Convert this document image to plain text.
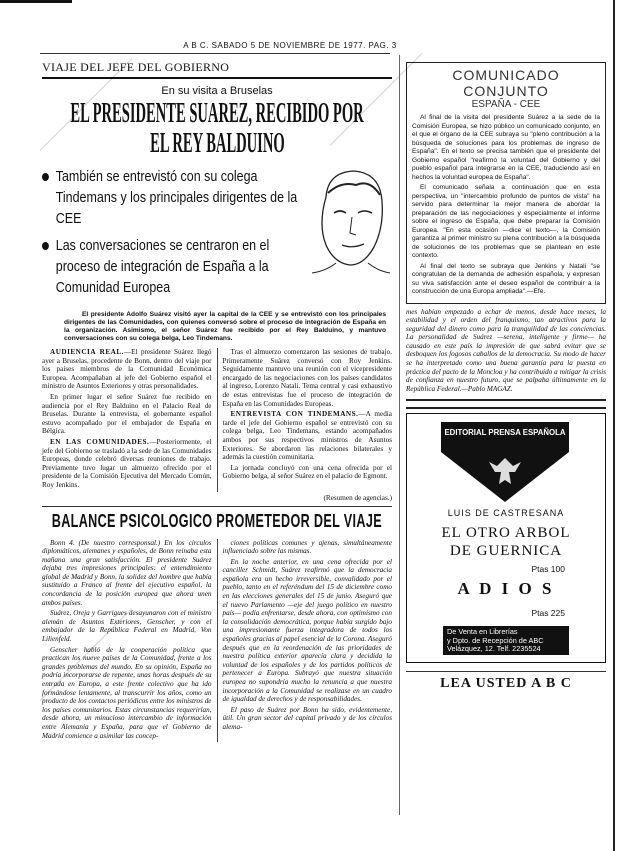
A B C. SABADO 5 DE NOVIEMBRE DE 1977. PAG. 3
VIAJE DEL JEFE DEL GOBIERNO
En su visita a Bruselas
EL PRESIDENTE SUAREZ, RECIBIDO POR
EL REY BALDUINO
También se entrevistó con su colega Tindemans y los principales dirigentes de la CEE
Las conversaciones se centraron en el proceso de integración de España a la Comunidad Europea
El presidente Adolfo Suárez visitó ayer la capital de la CEE y se entrevistó con los principales dirigentes de las Comunidades, con quienes conversó sobre el proceso de integración de España en la organización. Asimismo, el señor Suárez fue recibido por el Rey Balduino, y mantuvo conversaciones con su colega belga, Leo Tindemans.

AUDIENCIA REAL.—El presidente Suárez llegó ayer a Bruselas, procedente de Bonn, dentro del viaje por los países miembros de la Comunidad Económica Europea. Acompañaban al jefe del Gobierno español el ministro de Asuntos Exteriores y otras personalidades.

En primer lugar el señor Suárez fue recibido en audiencia por el Rey Balduino en el Palacio Real de Bruselas. Durante la entrevista, el gobernante español estuvo acompañado por el embajador de España en Bélgica.

EN LAS COMUNIDADES.—Posteriormente, el jefe del Gobierno se trasladó a la sede de las Comunidades Europeas, donde celebró diversas reuniones de trabajo. Previamente tuvo lugar un almuerzo ofrecido por el presidente de la Comisión Ejecutiva del Mercado Común, Roy Jenkins.

Tras el almuerzo comenzaron las sesiones de trabajo. Primeramente Suárez conversó con Roy Jenkins. Seguidamente mantuvo una reunión con el vicepresidente encargado de las negociaciones con los países candidatos al ingreso, Lorenzo Natali. Tema central y casi exhaustivo de estas entrevistas fue el proceso de integración de España en las Comunidades Europeas.

ENTREVISTA CON TINDEMANS.—A media tarde el jefe del Gobierno español se entrevistó con su colega belga, Leo Tindemans, estando acompañados ambos por sus respectivos ministros de Asuntos Exteriores. Se abordaron las relaciones bilaterales y además la cuestión comunitaria.

La jornada concluyó con una cena ofrecida por el Gobierno belga, al señor Suárez en el palacio de Egmont.

(Resumen de agencias.)
BALANCE PSICOLOGICO PROMETEDOR DEL VIAJE

Bonn 4. (De nuestro corresponsal.) En los círculos diplomáticos, alemanes y españoles, de Bonn reinaba esta mañana una gran satisfacción. El presidente Suárez dejaba tres impresiones principales: el entendimiento global de Madrid y Bonn, la solidez del hombre que había sustituido a Franco al frente del ejecutivo español, la concordancia de la posición europea que ahora unen ambos países.

Suárez, Oreja y Garrigues desayunaron con el ministro alemán de Asuntos Exteriores, Genscher, y con el embajador de la República Federal en Madrid, Von Lilienfeld.

Genscher habló de la cooperación política que practican los nueve países de la Comunidad, frente a los grandes problemas del mundo. En su opinión, España no podría incorporarse de repente, unas horas después de su entrada en Europa, a este frente colectivo que ha ido formándose lentamente, al transcurrir los años, como un producto de los contactos periódicos entre los ministros de los países comunitarios. Estas circunstancias requerirían, desde ahora, un minucioso intercambio de información entre Alemania y España, para que el Gobierno de Madrid comience a asimilar las concep-

ciones políticas comunes y ajenas, simultáneamente influenciado sobre las mismas.

En la noche anterior, en una cena ofrecida por el canciller Schmidt, Suárez reafirmó que la democracia española era un hecho irreversible, convalidado por el pueblo, tanto en el referéndum del 15 de diciembre como en las elecciones generales del 15 de junio. Aseguró que el nuevo Parlamento —eje del juego político en nuestro país— podía enfrentarse, desde ahora, con optimismo con la consolidación democrática, porque había surgido bajo una impresionante fuerza integradora de todos los españoles gracias al papel esencial de la Corona. Aseguró después que en la reordenación de las prioridades de nuestra política exterior aparecía clara y decidida la voluntad de los españoles y de los partidos políticos de pertenecer a Europa. Subrayó que nuestra situación europea no supondría mucho la renuncia a que nuestra incorporación a la Comunidad se realizase en un cuadro de igualdad de derechos y de responsabilidades.

El paso de Suárez por Bonn ha sido, evidentemente, útil. Un gran sector del capital privado y de los círculos alema-

COMUNICADO CONJUNTO
ESPAÑA - CEE

Al final de la visita del presidente Suárez a la sede de la Comisión Europea, se hizo público un comunicado conjunto, en el que el órgano de la CEE subraya su "pleno contribución a la búsqueda de soluciones para los problemas de ingreso de España". En el texto se precisa también que el presidente del Gobierno español "reafirmó la voluntad del Gobierno y del pueblo español para integrarse en la CEE, traduciendo así en hechos la voluntad europea de España".

El comunicado señala a continuación que en esta perspectiva, un "intercambio profundo de puntos de vista" ha servido para determinar la mejor manera de abordar la preparación de las negociaciones y especialmente el informe sobre el ingreso de España, que debe preparar la Comisión Europea. "En esta ocasión —dice el texto—, la Comisión garantiza al primer ministro su plena contribución a la búsqueda de soluciones de los problemas que se plantean en este contexto.

Al final del texto se subraya que Jenkins y Natali "se congratulan de la demanda de adhesión española, y expresan su viva satisfacción ante el deseo español de contribuir a la construcción de una Europa ampliada".—Efe.

mes habían empezado a echar de menos, desde hace meses, la estabilidad y el orden del franquismo, tan atractivos para la seguridad del dinero como para la tranquilidad de las conciencias. La personalidad de Suárez —serena, inteligente y firme— ha causado en este país la impresión de que sabrá evitar que se desboquen los fogosos caballos de la democracia. Su modo de hacer se ha interpretado como una buena garantía para la puesta en práctica del pacto de la Moncloa y ha contribuido a mitigar la crisis de confianza en nuestro futuro, que se palpaba últimamente en la República Federal.—Pablo MAGAZ.

EDITORIAL PRENSA ESPAÑOLA
LUIS DE CASTRESANA
EL OTRO ARBOL
DE GUERNICA
Ptas 100
A D I O S
Ptas 225
De Venta en Librerías
y Dpto. de Recepción de ABC
Velázquez, 12. Telf. 2235524
LEA USTED A B C
